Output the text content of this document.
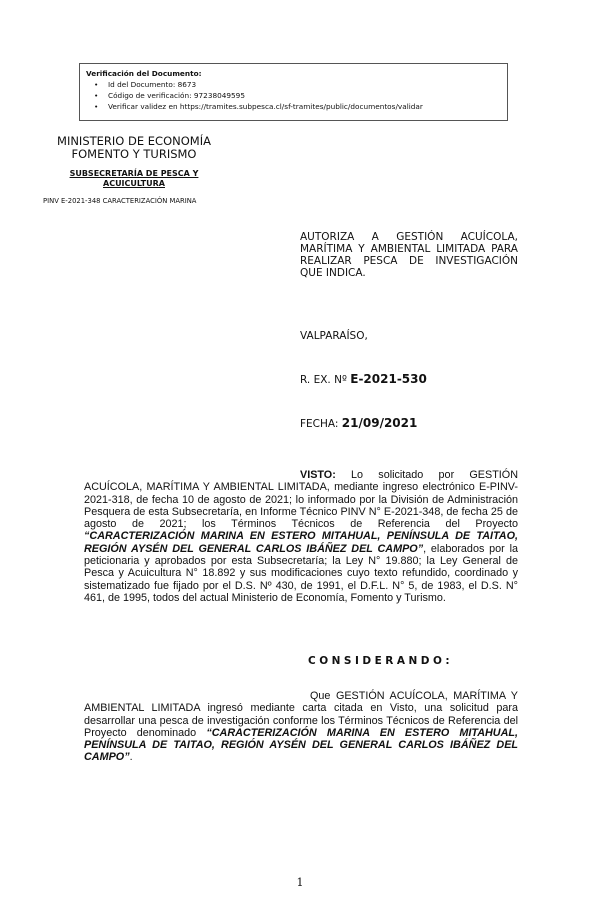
Verificación del Documento:
• Id del Documento: 8673
• Código de verificación: 97238049595
• Verificar validez en https://tramites.subpesca.cl/sf-tramites/public/documentos/validar
MINISTERIO DE ECONOMÍA
FOMENTO Y TURISMO
SUBSECRETARÍA DE PESCA Y
ACUICULTURA
PINV E-2021-348 CARACTERIZACIÓN MARINA
AUTORIZA A GESTIÓN ACUÍCOLA, MARÍTIMA Y AMBIENTAL LIMITADA PARA REALIZAR PESCA DE INVESTIGACIÓN QUE INDICA.
VALPARAÍSO,
R. EX. Nº E-2021-530
FECHA: 21/09/2021
VISTO: Lo solicitado por GESTIÓN ACUÍCOLA, MARÍTIMA Y AMBIENTAL LIMITADA, mediante ingreso electrónico E-PINV-2021-318, de fecha 10 de agosto de 2021; lo informado por la División de Administración Pesquera de esta Subsecretaría, en Informe Técnico PINV N° E-2021-348, de fecha 25 de agosto de 2021; los Términos Técnicos de Referencia del Proyecto “CARACTERIZACIÓN MARINA EN ESTERO MITAHUAL, PENÍNSULA DE TAITAO, REGIÓN AYSÉN DEL GENERAL CARLOS IBÁÑEZ DEL CAMPO”, elaborados por la peticionaria y aprobados por esta Subsecretaría; la Ley N° 19.880; la Ley General de Pesca y Acuicultura N° 18.892 y sus modificaciones cuyo texto refundido, coordinado y sistematizado fue fijado por el D.S. Nº 430, de 1991, el D.F.L. N° 5, de 1983, el D.S. N° 461, de 1995, todos del actual Ministerio de Economía, Fomento y Turismo.
CONSIDERANDO:
Que GESTIÓN ACUÍCOLA, MARÍTIMA Y AMBIENTAL LIMITADA ingresó mediante carta citada en Visto, una solicitud para desarrollar una pesca de investigación conforme los Términos Técnicos de Referencia del Proyecto denominado “CARACTERIZACIÓN MARINA EN ESTERO MITAHUAL, PENÍNSULA DE TAITAO, REGIÓN AYSÉN DEL GENERAL CARLOS IBÁÑEZ DEL CAMPO”.
1
